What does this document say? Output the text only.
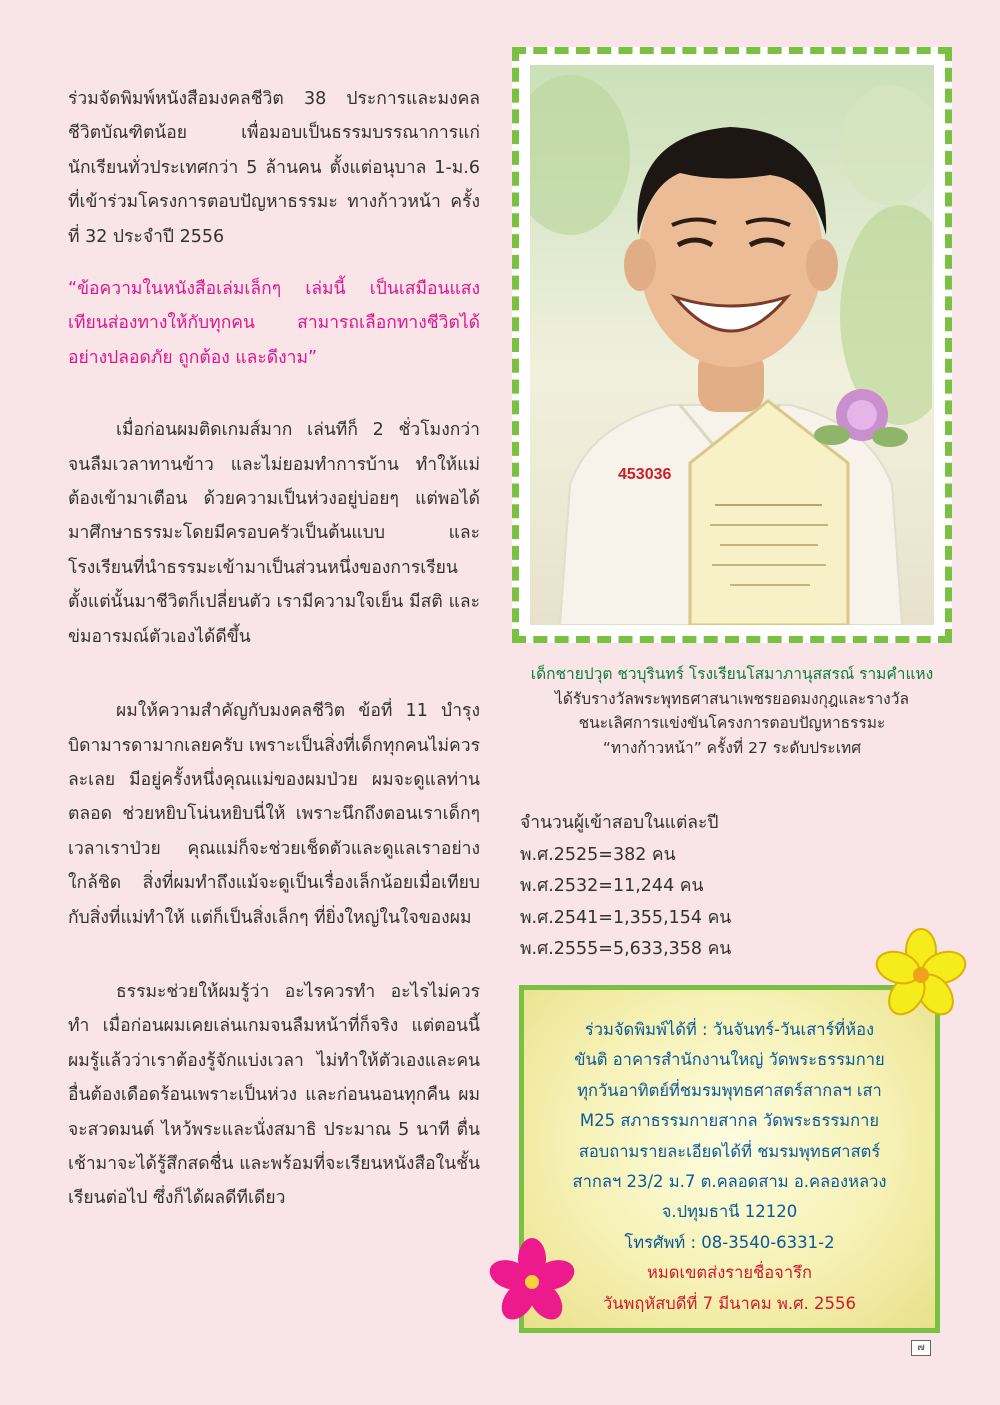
ร่วมจัดพิมพ์หนังสือมงคลชีวิต 38 ประการและมงคลชีวิตบัณฑิตน้อย เพื่อมอบเป็นธรรมบรรณาการแก่นักเรียนทั่วประเทศกว่า 5 ล้านคน ตั้งแต่อนุบาล 1-ม.6 ที่เข้าร่วมโครงการตอบปัญหาธรรมะ ทางก้าวหน้า ครั้งที่ 32 ประจำปี 2556

“ข้อความในหนังสือเล่มเล็กๆ เล่มนี้ เป็นเสมือนแสงเทียนส่องทางให้กับทุกคน สามารถเลือกทางชีวิตได้อย่างปลอดภัย ถูกต้อง และดีงาม”

เมื่อก่อนผมติดเกมส์มาก เล่นทีก็ 2 ชั่วโมงกว่า จนลืมเวลาทานข้าว และไม่ยอมทำการบ้าน ทำให้แม่ต้องเข้ามาเตือน ด้วยความเป็นห่วงอยู่บ่อยๆ แต่พอได้มาศึกษาธรรมะโดยมีครอบครัวเป็นต้นแบบ และโรงเรียนที่นำธรรมะเข้ามาเป็นส่วนหนึ่งของการเรียน ตั้งแต่นั้นมาชีวิตก็เปลี่ยนตัว เรามีความใจเย็น มีสติ และข่มอารมณ์ตัวเองได้ดีขึ้น

ผมให้ความสำคัญกับมงคลชีวิต ข้อที่ 11 บำรุงบิดามารดามากเลยครับ เพราะเป็นสิ่งที่เด็กทุกคนไม่ควรละเลย มีอยู่ครั้งหนึ่งคุณแม่ของผมป่วย ผมจะดูแลท่านตลอด ช่วยหยิบโน่นหยิบนี่ให้ เพราะนึกถึงตอนเราเด็กๆ เวลาเราป่วย คุณแม่ก็จะช่วยเช็ดตัวและดูแลเราอย่างใกล้ชิด สิ่งที่ผมทำถึงแม้จะดูเป็นเรื่องเล็กน้อยเมื่อเทียบกับสิ่งที่แม่ทำให้ แต่ก็เป็นสิ่งเล็กๆ ที่ยิ่งใหญ่ในใจของผม

ธรรมะช่วยให้ผมรู้ว่า อะไรควรทำ อะไรไม่ควรทำ เมื่อก่อนผมเคยเล่นเกมจนลืมหน้าที่ก็จริง แต่ตอนนี้ผมรู้แล้วว่าเราต้องรู้จักแบ่งเวลา ไม่ทำให้ตัวเองและคนอื่นต้องเดือดร้อนเพราะเป็นห่วง และก่อนนอนทุกคืน ผมจะสวดมนต์ ไหว้พระและนั่งสมาธิ ประมาณ 5 นาที ตื่นเช้ามาจะได้รู้สึกสดชื่น และพร้อมที่จะเรียนหนังสือในชั้นเรียนต่อไป ซึ่งก็ได้ผลดีทีเดียว

453036
เด็กชายปวุต ชวบุรินทร์ โรงเรียนโสมาภานุสสรณ์ รามคำแหง
ได้รับรางวัลพระพุทธศาสนาเพชรยอดมงกุฎและรางวัล
ชนะเลิศการแข่งขันโครงการตอบปัญหาธรรมะ
“ทางก้าวหน้า” ครั้งที่ 27 ระดับประเทศ
จำนวนผู้เข้าสอบในแต่ละปี
พ.ศ.2525=382 คน
พ.ศ.2532=11,244 คน
พ.ศ.2541=1,355,154 คน
พ.ศ.2555=5,633,358 คน
ร่วมจัดพิมพ์ได้ที่ : วันจันทร์-วันเสาร์ที่ห้อง
ขันติ อาคารสำนักงานใหญ่ วัดพระธรรมกาย
ทุกวันอาทิตย์ที่ชมรมพุทธศาสตร์สากลฯ เสา
M25 สภาธรรมกายสากล วัดพระธรรมกาย
สอบถามรายละเอียดได้ที่ ชมรมพุทธศาสตร์
สากลฯ 23/2 ม.7 ต.คลอดสาม อ.คลองหลวง
จ.ปทุมธานี 12120
โทรศัพท์ : 08-3540-6331-2
หมดเขตส่งรายชื่อจารึก
วันพฤหัสบดีที่ 7 มีนาคม พ.ศ. 2556
๗
